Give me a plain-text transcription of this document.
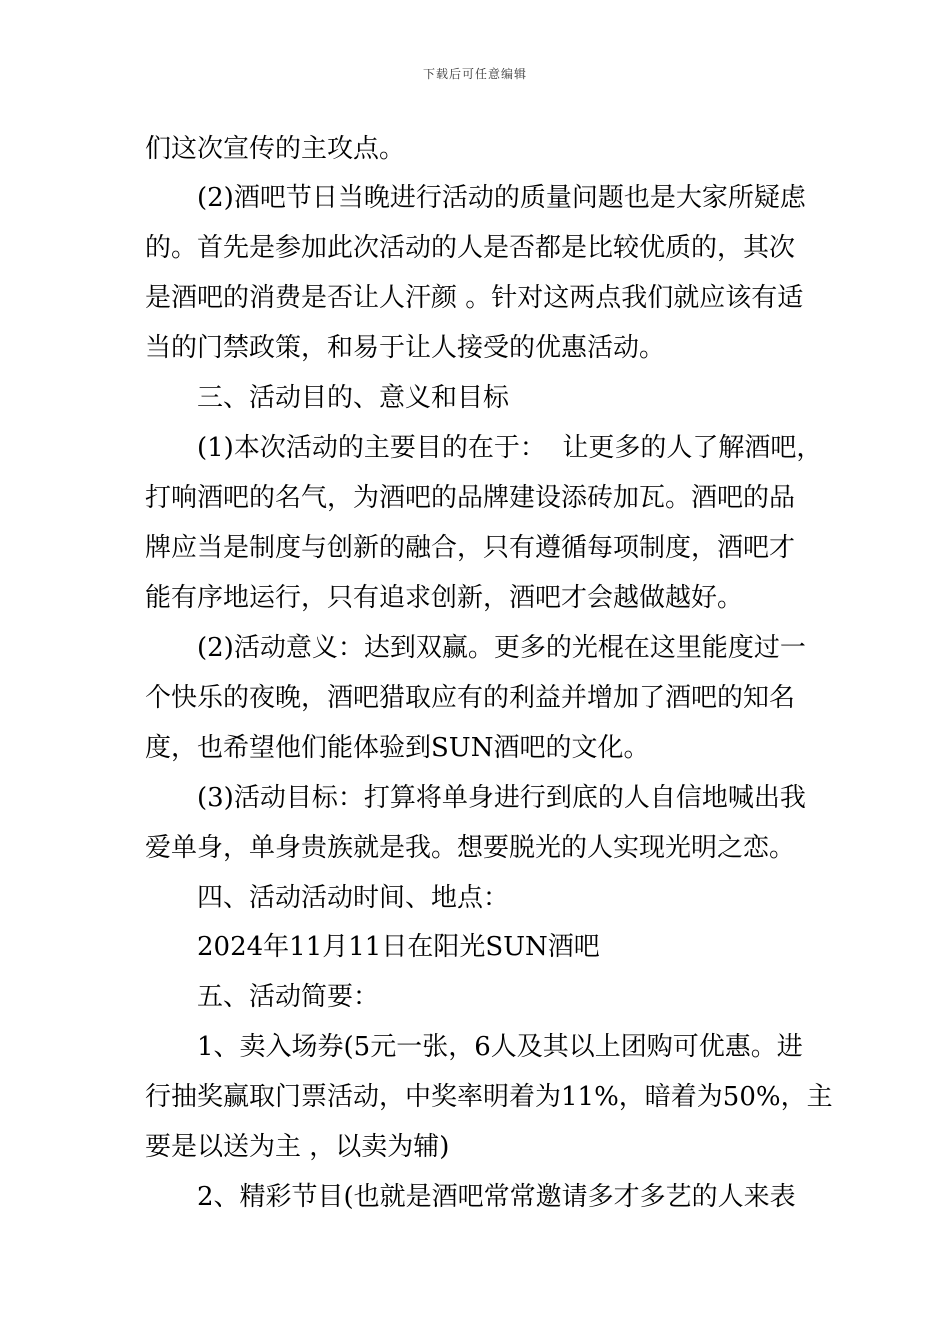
下载后可任意编辑
们这次宣传的主攻点。
(2)酒吧节日当晚进行活动的质量问题也是大家所疑虑
的。首先是参加此次活动的人是否都是比较优质的，其次
是酒吧的消费是否让人汗颜 。针对这两点我们就应该有适
当的门禁政策，和易于让人接受的优惠活动。
三、活动目的、意义和目标
(1)本次活动的主要目的在于：  让更多的人了解酒吧，
打响酒吧的名气，为酒吧的品牌建设添砖加瓦。酒吧的品
牌应当是制度与创新的融合，只有遵循每项制度，酒吧才
能有序地运行，只有追求创新，酒吧才会越做越好。
(2)活动意义：达到双赢。更多的光棍在这里能度过一
个快乐的夜晚，酒吧猎取应有的利益并增加了酒吧的知名
度，也希望他们能体验到SUN酒吧的文化。
(3)活动目标：打算将单身进行到底的人自信地喊出我
爱单身，单身贵族就是我。想要脱光的人实现光明之恋。
四、活动活动时间、地点：
2024年11月11日在阳光SUN酒吧
五、活动简要：
1、卖入场券(5元一张，6人及其以上团购可优惠。进
行抽奖赢取门票活动，中奖率明着为11%，暗着为50%，主
要是以送为主 ，以卖为辅)
2、精彩节目(也就是酒吧常常邀请多才多艺的人来表
